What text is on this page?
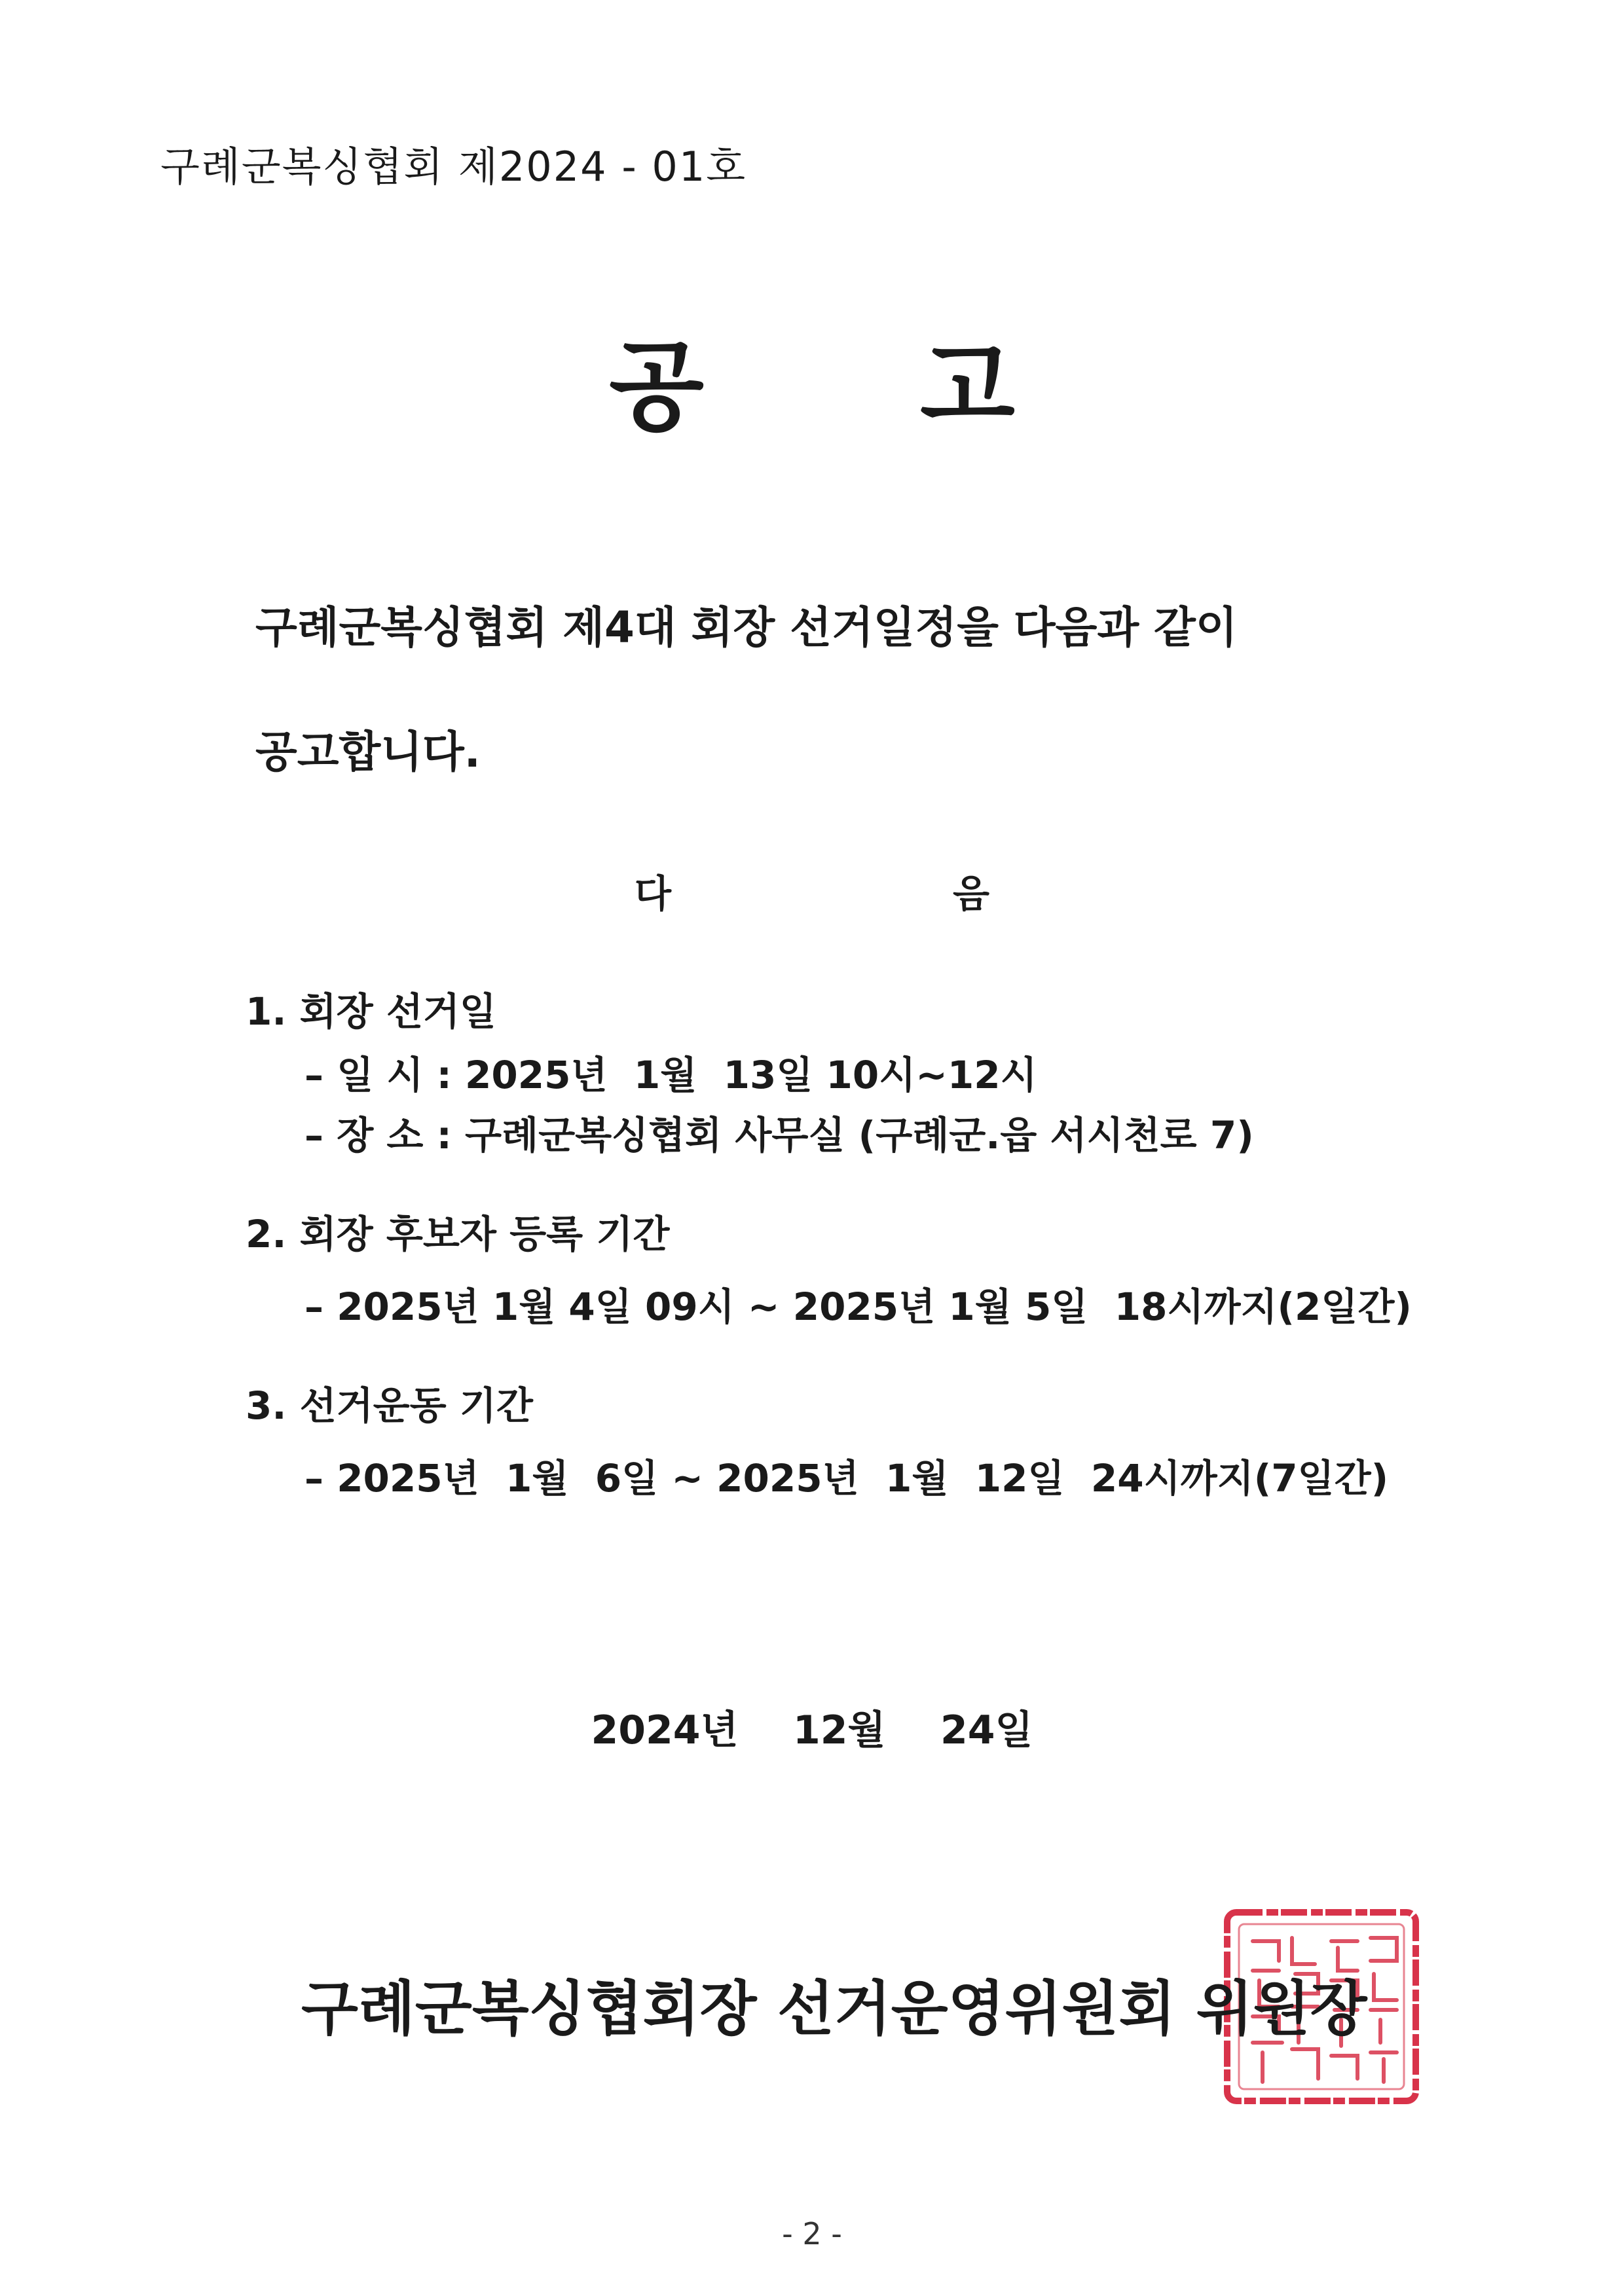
구례군복싱협회 제2024 - 01호
공 고
구례군복싱협회 제4대 회장 선거일정을 다음과 같이
공고합니다.
다	음
1. 회장 선거일
– 일 시 : 2025년  1월  13일 10시~12시
– 장 소 : 구례군복싱협회 사무실 (구례군.읍 서시천로 7)
2. 회장 후보자 등록 기간
– 2025년 1월 4일 09시 ~ 2025년 1월 5일  18시까지(2일간)
3. 선거운동 기간
– 2025년  1월  6일 ~ 2025년  1월  12일  24시까지(7일간)
2024년    12월    24일
구례군복싱협회장 선거운영위원회 위원장
- 2 -
